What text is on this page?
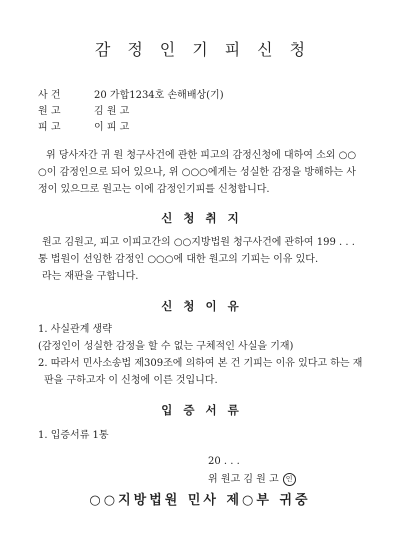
감정인기피신청
사 건	20 가합1234호 손해배상(기)
원 고	김 원 고
피 고	이 피 고

위 당사자간 귀 원 청구사건에 관한 피고의 감정신청에 대하여 소외 ○○

○이 감정인으로 되어 있으나, 위 ○○○에게는 성실한 감정을 방해하는 사

정이 있으므로 원고는 이에 감정인기피를 신청합니다.

신청취지

원고 김원고, 피고 이피고간의 ○○지방법원 청구사건에 관하여 199 . . .

통 법원이 선임한 감정인 ○○○에 대한 원고의 기피는 이유 있다.

라는 재판을 구합니다.

신청이유
1. 사실관계 생략
(감정인이 성실한 감정을 할 수 없는 구체적인 사실을 기재)
2. 따라서 민사소송법 제309조에 의하여 본 건 기피는 이유 있다고 하는 재
판을 구하고자 이 신청에 이른 것입니다.
입증서류
1. 입증서류 1통
20 . . .
위 원고 김 원 고 인
○○지방법원 민사 제○부 귀중
